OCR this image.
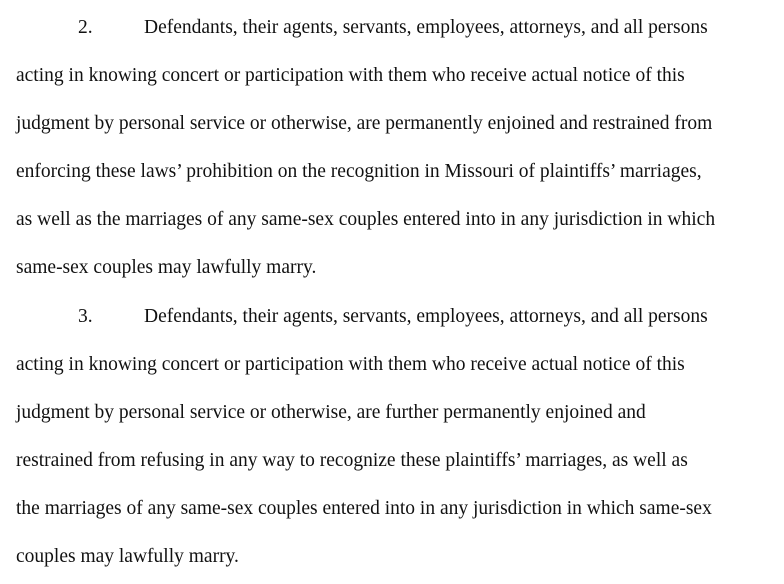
2.	Defendants, their agents, servants, employees, attorneys, and all persons
acting in knowing concert or participation with them who receive actual notice of this
judgment by personal service or otherwise, are permanently enjoined and restrained from
enforcing these laws’ prohibition on the recognition in Missouri of plaintiffs’ marriages,
as well as the marriages of any same-sex couples entered into in any jurisdiction in which
same-sex couples may lawfully marry.
3.	Defendants, their agents, servants, employees, attorneys, and all persons
acting in knowing concert or participation with them who receive actual notice of this
judgment by personal service or otherwise, are further permanently enjoined and
restrained from refusing in any way to recognize these plaintiffs’ marriages, as well as
the marriages of any same-sex couples entered into in any jurisdiction in which same-sex
couples may lawfully marry.
